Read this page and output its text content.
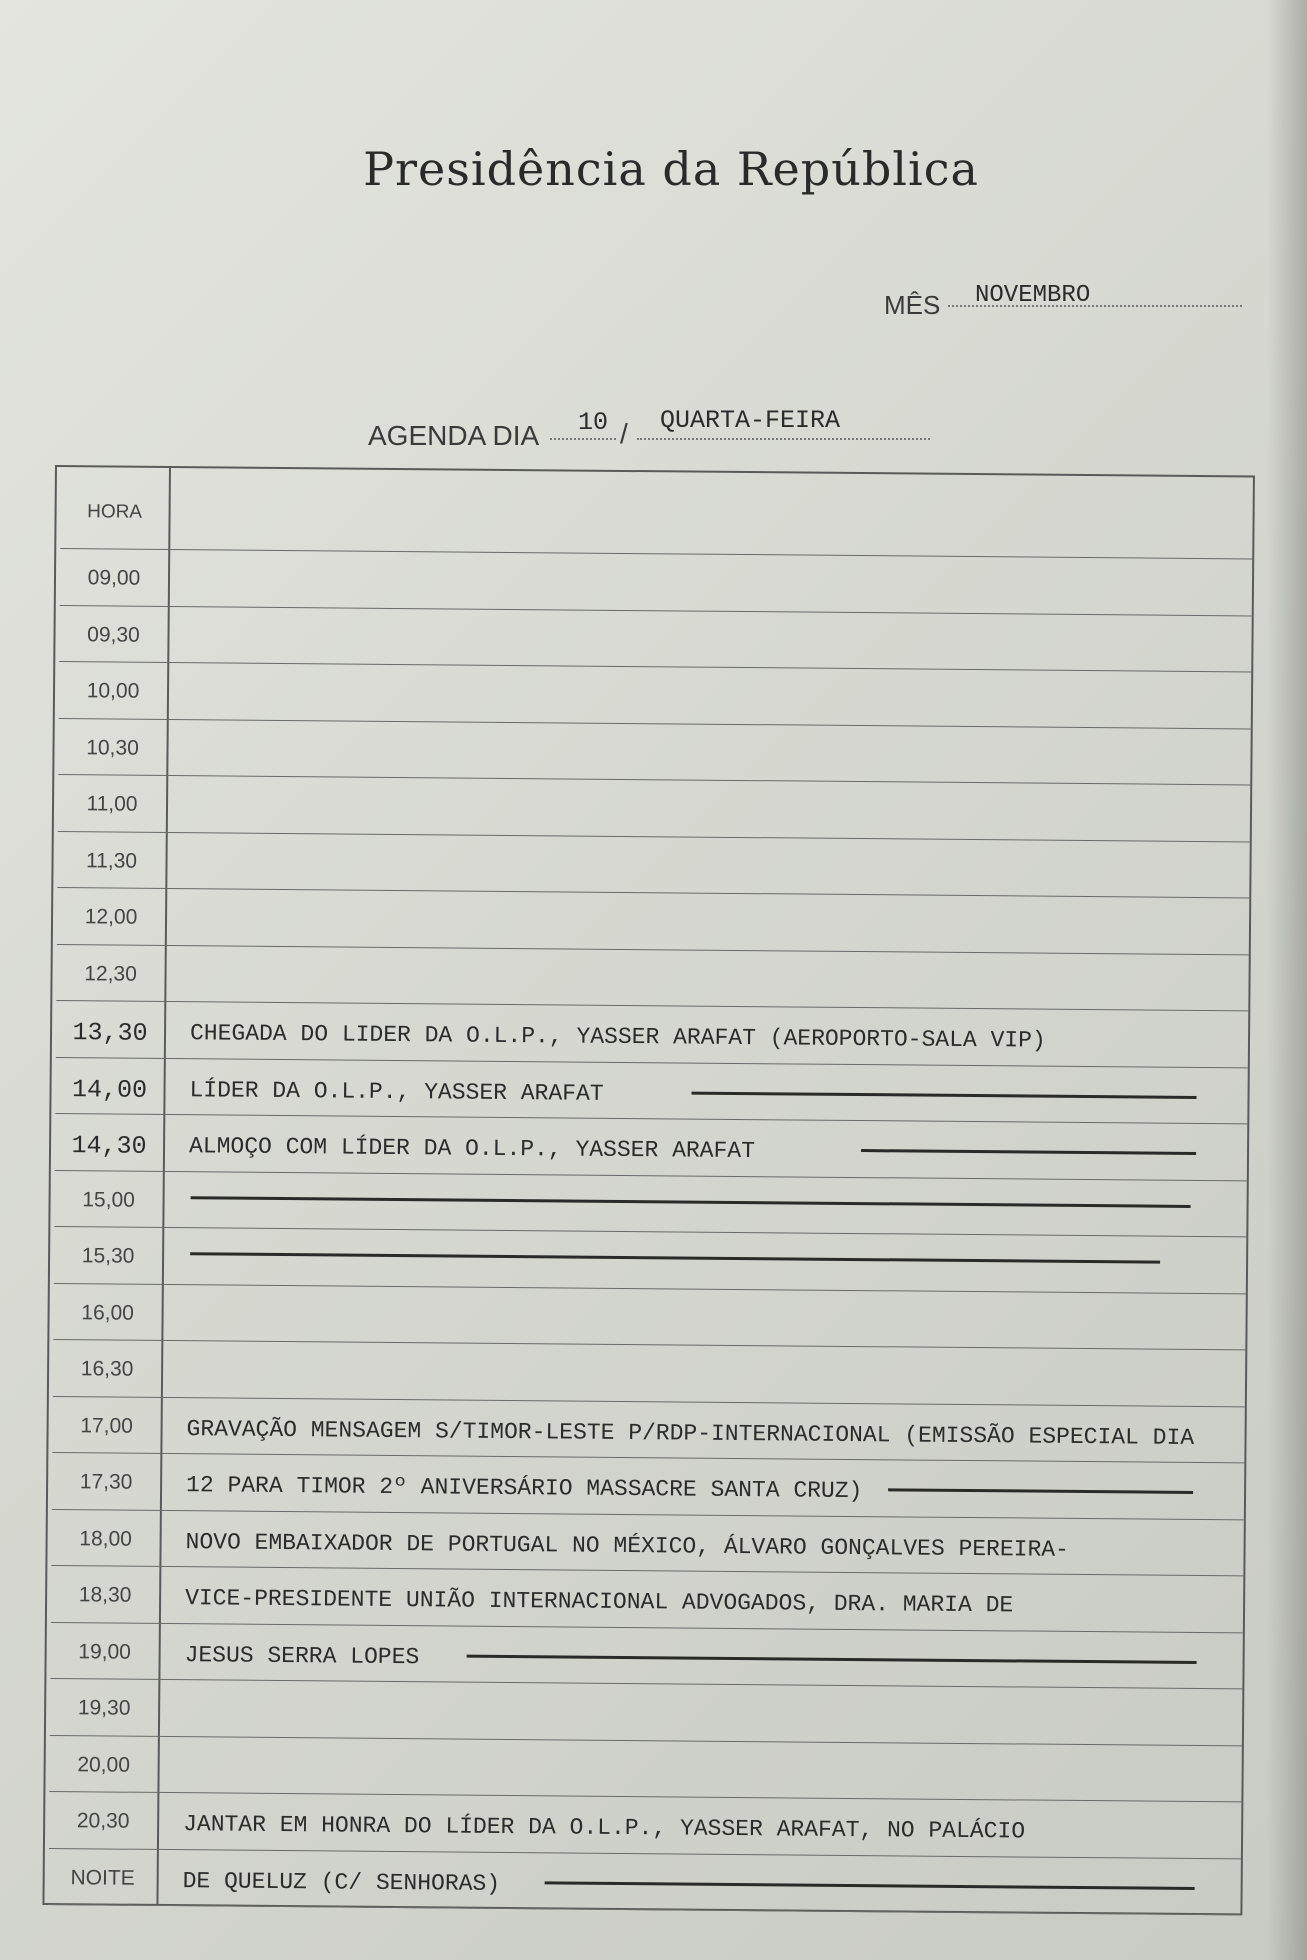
Presidência da República
MÊS NOVEMBRO
AGENDA DIA 10 / QUARTA-FEIRA
HORA
09,00
09,30
10,00
10,30
11,00
11,30
12,00
12,30
13,30	CHEGADA DO LIDER DA O.L.P., YASSER ARAFAT (AEROPORTO-SALA VIP)
14,00	LÍDER DA O.L.P., YASSER ARAFAT
14,30	ALMOÇO COM LÍDER DA O.L.P., YASSER ARAFAT
15,00
15,30
16,00
16,30
17,00	GRAVAÇÃO MENSAGEM S/TIMOR-LESTE P/RDP-INTERNACIONAL (EMISSÃO ESPECIAL DIA
17,30	12 PARA TIMOR 2º ANIVERSÁRIO MASSACRE SANTA CRUZ)
18,00	NOVO EMBAIXADOR DE PORTUGAL NO MÉXICO, ÁLVARO GONÇALVES PEREIRA-
18,30	VICE-PRESIDENTE UNIÃO INTERNACIONAL ADVOGADOS, DRA. MARIA DE
19,00	JESUS SERRA LOPES
19,30
20,00
20,30	JANTAR EM HONRA DO LÍDER DA O.L.P., YASSER ARAFAT, NO PALÁCIO
NOITE	DE QUELUZ (C/ SENHORAS)
